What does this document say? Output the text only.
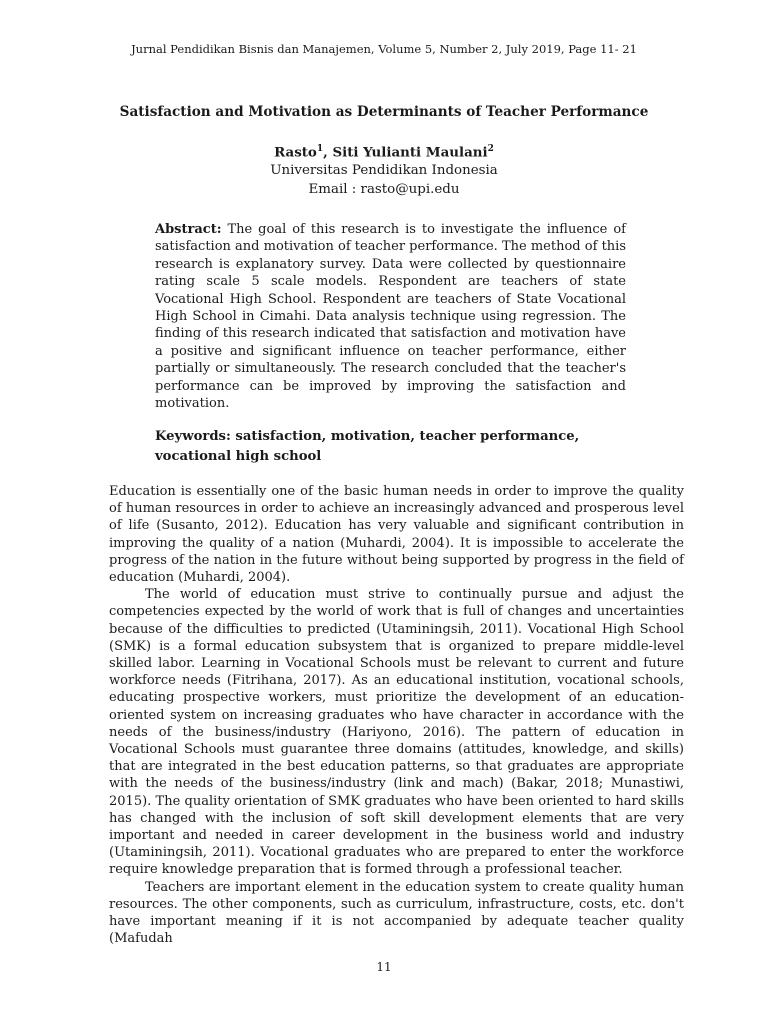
Jurnal Pendidikan Bisnis dan Manajemen, Volume 5, Number 2, July 2019, Page 11- 21
Satisfaction and Motivation as Determinants of Teacher Performance
Rasto$^1$, Siti Yulianti Maulani$^2$
Universitas Pendidikan Indonesia
Email : rasto@upi.edu
Abstract: The goal of this research is to investigate the influence of satisfaction and motivation of teacher performance. The method of this research is explanatory survey. Data were collected by questionnaire rating scale 5 scale models. Respondent are teachers of state Vocational High School. Respondent are teachers of State Vocational High School in Cimahi. Data analysis technique using regression. The finding of this research indicated that satisfaction and motivation have a positive and significant influence on teacher performance, either partially or simultaneously. The research concluded that the teacher's performance can be improved by improving the satisfaction and motivation.
Keywords: satisfaction, motivation, teacher performance,
vocational high school

Education is essentially one of the basic human needs in order to improve the quality of human resources in order to achieve an increasingly advanced and prosperous level of life (Susanto, 2012). Education has very valuable and significant contribution in improving the quality of a nation (Muhardi, 2004). It is impossible to accelerate the progress of the nation in the future without being supported by progress in the field of education (Muhardi, 2004).

The world of education must strive to continually pursue and adjust the competencies expected by the world of work that is full of changes and uncertainties because of the difficulties to predicted (Utaminingsih, 2011). Vocational High School (SMK) is a formal education subsystem that is organized to prepare middle-level skilled labor. Learning in Vocational Schools must be relevant to current and future workforce needs (Fitrihana, 2017). As an educational institution, vocational schools, educating prospective workers, must prioritize the development of an education-oriented system on increasing graduates who have character in accordance with the needs of the business/industry (Hariyono, 2016). The pattern of education in Vocational Schools must guarantee three domains (attitudes, knowledge, and skills) that are integrated in the best education patterns, so that graduates are appropriate with the needs of the business/industry (link and mach) (Bakar, 2018; Munastiwi, 2015). The quality orientation of SMK graduates who have been oriented to hard skills has changed with the inclusion of soft skill development elements that are very important and needed in career development in the business world and industry (Utaminingsih, 2011). Vocational graduates who are prepared to enter the workforce require knowledge preparation that is formed through a professional teacher.

Teachers are important element in the education system to create quality human resources. The other components, such as curriculum, infrastructure, costs, etc. don't have important meaning if it is not accompanied by adequate teacher quality (Mafudah

11
